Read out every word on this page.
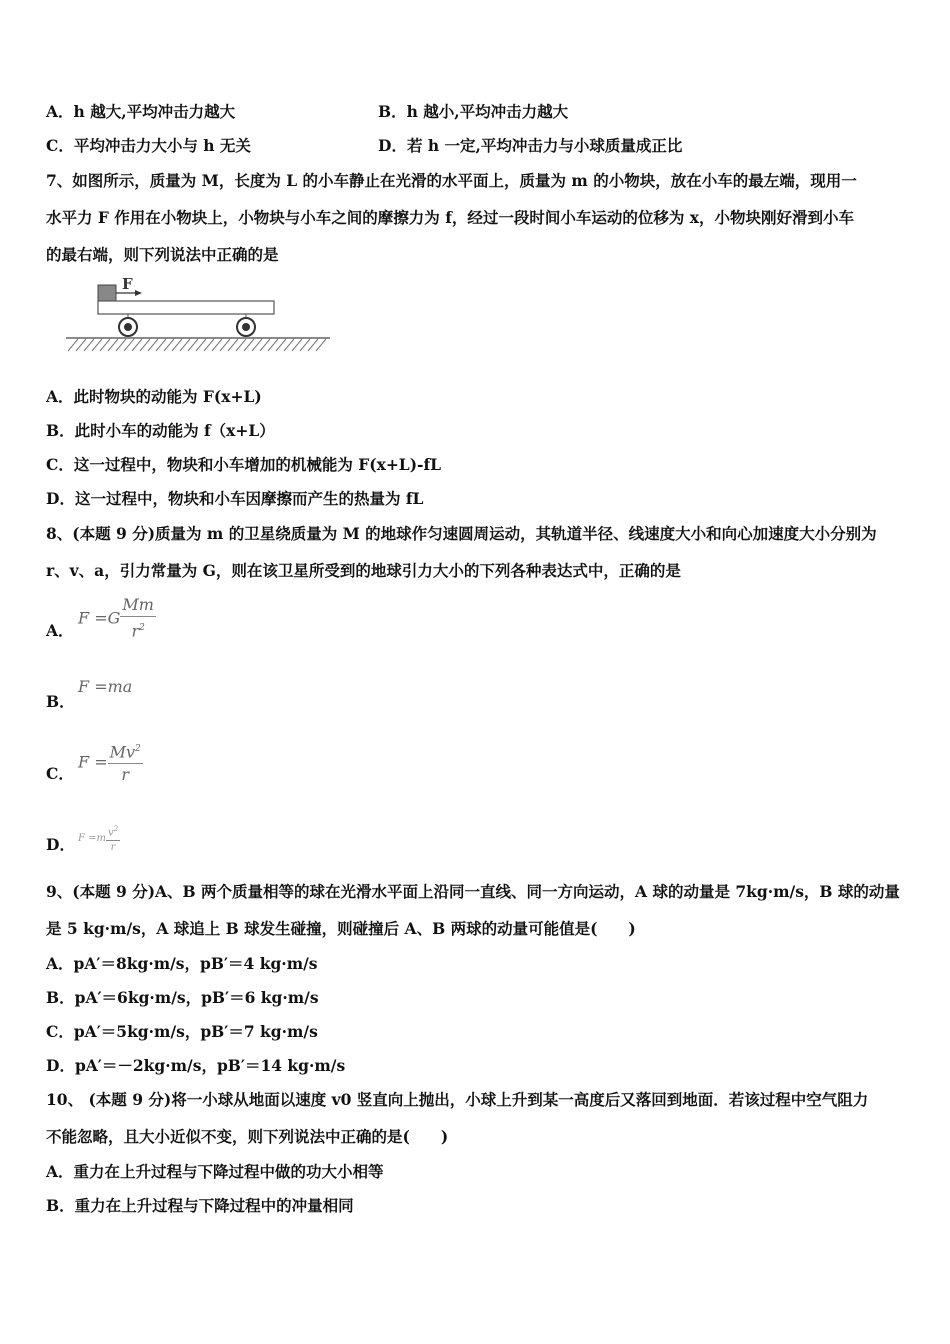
A．h 越大,平均冲击力越大	B．h 越小,平均冲击力越大
C．平均冲击力大小与 h 无关	D．若 h 一定,平均冲击力与小球质量成正比
7、如图所示，质量为 M，长度为 L 的小车静止在光滑的水平面上，质量为 m 的小物块，放在小车的最左端，现用一
水平力 F 作用在小物块上，小物块与小车之间的摩擦力为 f，经过一段时间小车运动的位移为 x，小物块刚好滑到小车
的最右端，则下列说法中正确的是
F
A．此时物块的动能为 F(x+L)
B．此时小车的动能为 f（x+L）
C．这一过程中，物块和小车增加的机械能为 F(x+L)-fL
D．这一过程中，物块和小车因摩擦而产生的热量为 fL
8、(本题 9 分)质量为 m 的卫星绕质量为 M 的地球作匀速圆周运动，其轨道半径、线速度大小和向心加速度大小分别为
r、v、a，引力常量为 G，则在该卫星所受到的地球引力大小的下列各种表达式中，正确的是
A．
$F =G \frac{Mm}{r^2}$
B．
F =ma
C．
$F = \frac{Mv^2}{r}$
D． $F =m \frac{v^2}{r}$
9、(本题 9 分)A、B 两个质量相等的球在光滑水平面上沿同一直线、同一方向运动，A 球的动量是 7kg·m/s，B 球的动量
是 5 kg·m/s，A 球追上 B 球发生碰撞，则碰撞后 A、B 两球的动量可能值是(　　)
A．pA′＝8kg·m/s，pB′＝4 kg·m/s
B．pA′＝6kg·m/s，pB′＝6 kg·m/s
C．pA′＝5kg·m/s，pB′＝7 kg·m/s
D．pA′＝－2kg·m/s，pB′＝14 kg·m/s
10、 (本题 9 分)将一小球从地面以速度 v0 竖直向上抛出，小球上升到某一高度后又落回到地面．若该过程中空气阻力
不能忽略，且大小近似不变，则下列说法中正确的是(　　)
A．重力在上升过程与下降过程中做的功大小相等
B．重力在上升过程与下降过程中的冲量相同
